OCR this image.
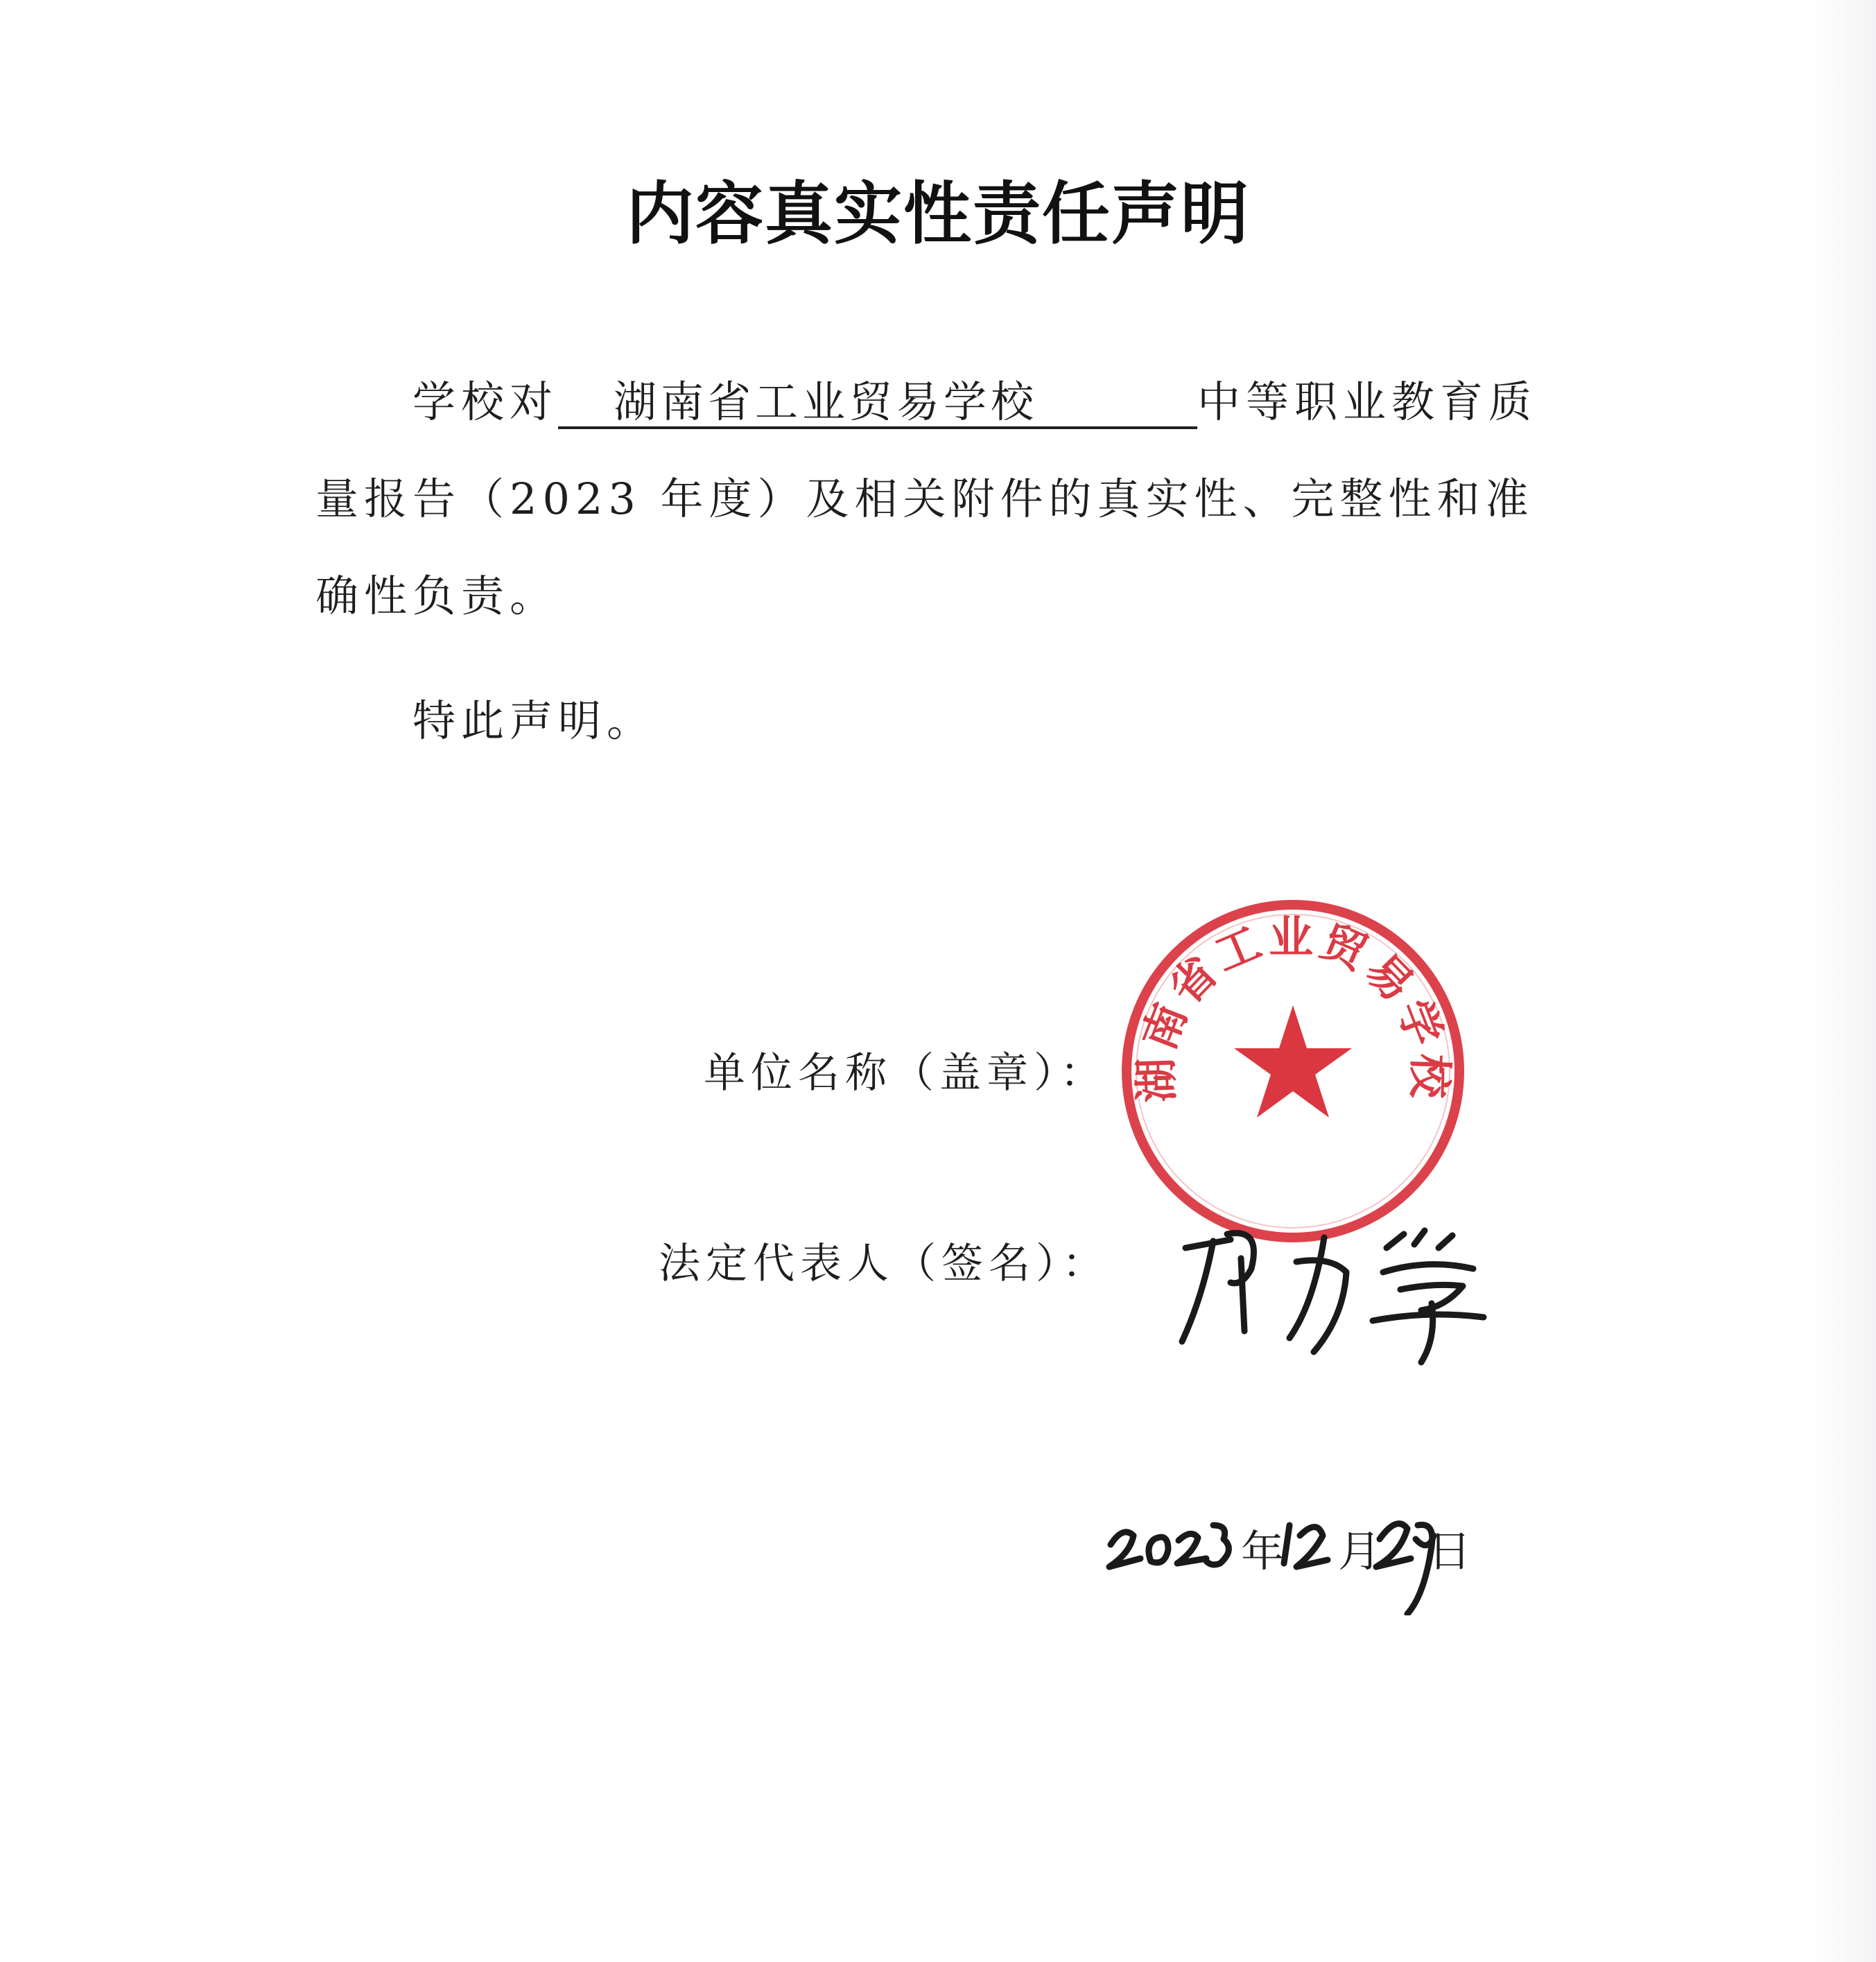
内容真实性责任声明
学校对 湖南省工业贸易学校	中等职业教育质量报告（2023 年度）及相关附件的真实性、完整性和准确性负责。
特此声明。
单位名称（盖章）：
法定代表人（签名）：
湖南省工业贸易学校
年 月 日
